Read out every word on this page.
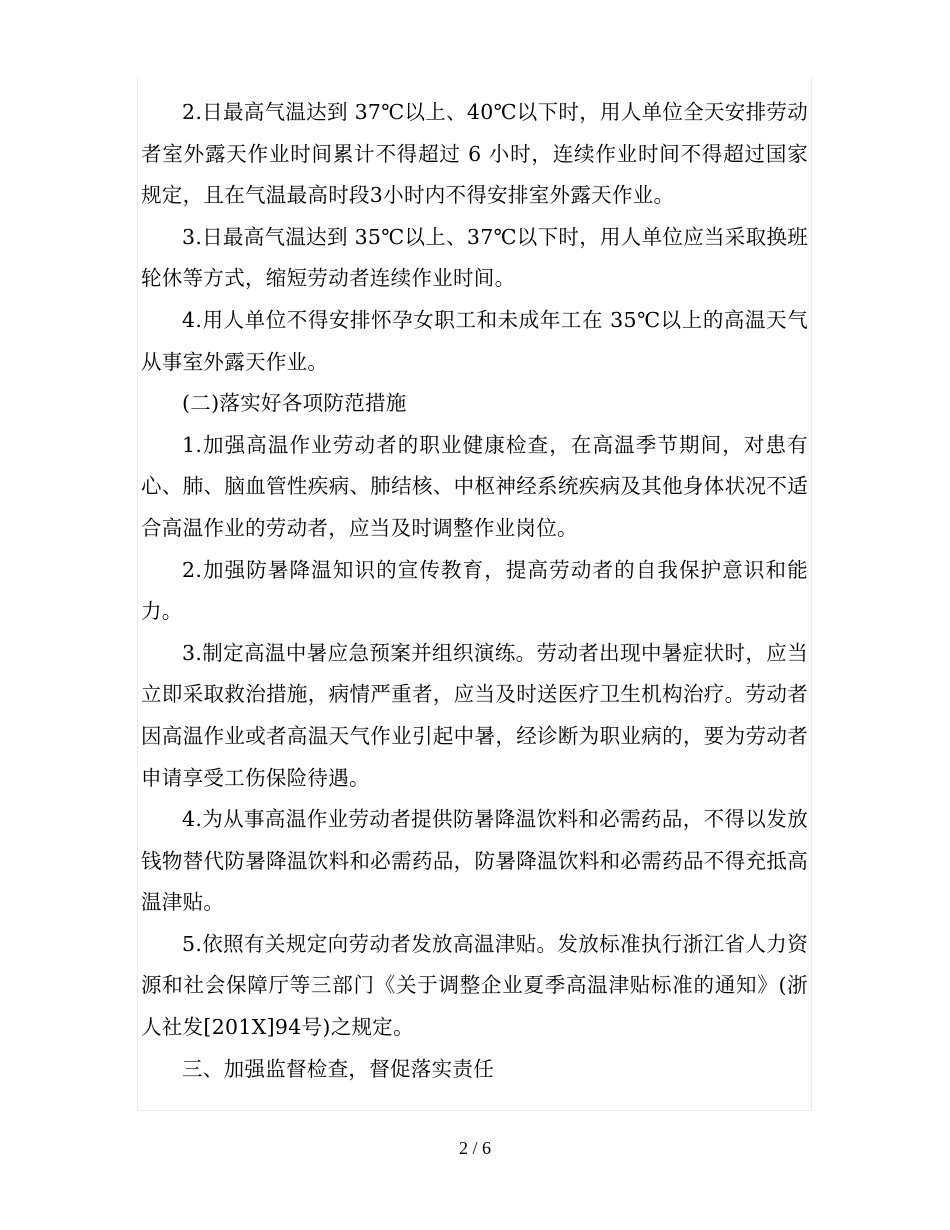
2.日最高气温达到 37℃以上、40℃以下时，用人单位全天安排劳动者室外露天作业时间累计不得超过 6 小时，连续作业时间不得超过国家规定，且在气温最高时段3小时内不得安排室外露天作业。

3.日最高气温达到 35℃以上、37℃以下时，用人单位应当采取换班轮休等方式，缩短劳动者连续作业时间。

4.用人单位不得安排怀孕女职工和未成年工在 35℃以上的高温天气从事室外露天作业。

(二)落实好各项防范措施

1.加强高温作业劳动者的职业健康检查，在高温季节期间，对患有心、肺、脑血管性疾病、肺结核、中枢神经系统疾病及其他身体状况不适合高温作业的劳动者，应当及时调整作业岗位。

2.加强防暑降温知识的宣传教育，提高劳动者的自我保护意识和能力。

3.制定高温中暑应急预案并组织演练。劳动者出现中暑症状时，应当立即采取救治措施，病情严重者，应当及时送医疗卫生机构治疗。劳动者因高温作业或者高温天气作业引起中暑，经诊断为职业病的，要为劳动者申请享受工伤保险待遇。

4.为从事高温作业劳动者提供防暑降温饮料和必需药品，不得以发放钱物替代防暑降温饮料和必需药品，防暑降温饮料和必需药品不得充抵高温津贴。

5.依照有关规定向劳动者发放高温津贴。发放标准执行浙江省人力资源和社会保障厅等三部门《关于调整企业夏季高温津贴标准的通知》(浙人社发[201X]94号)之规定。

三、加强监督检查，督促落实责任

2 / 6
